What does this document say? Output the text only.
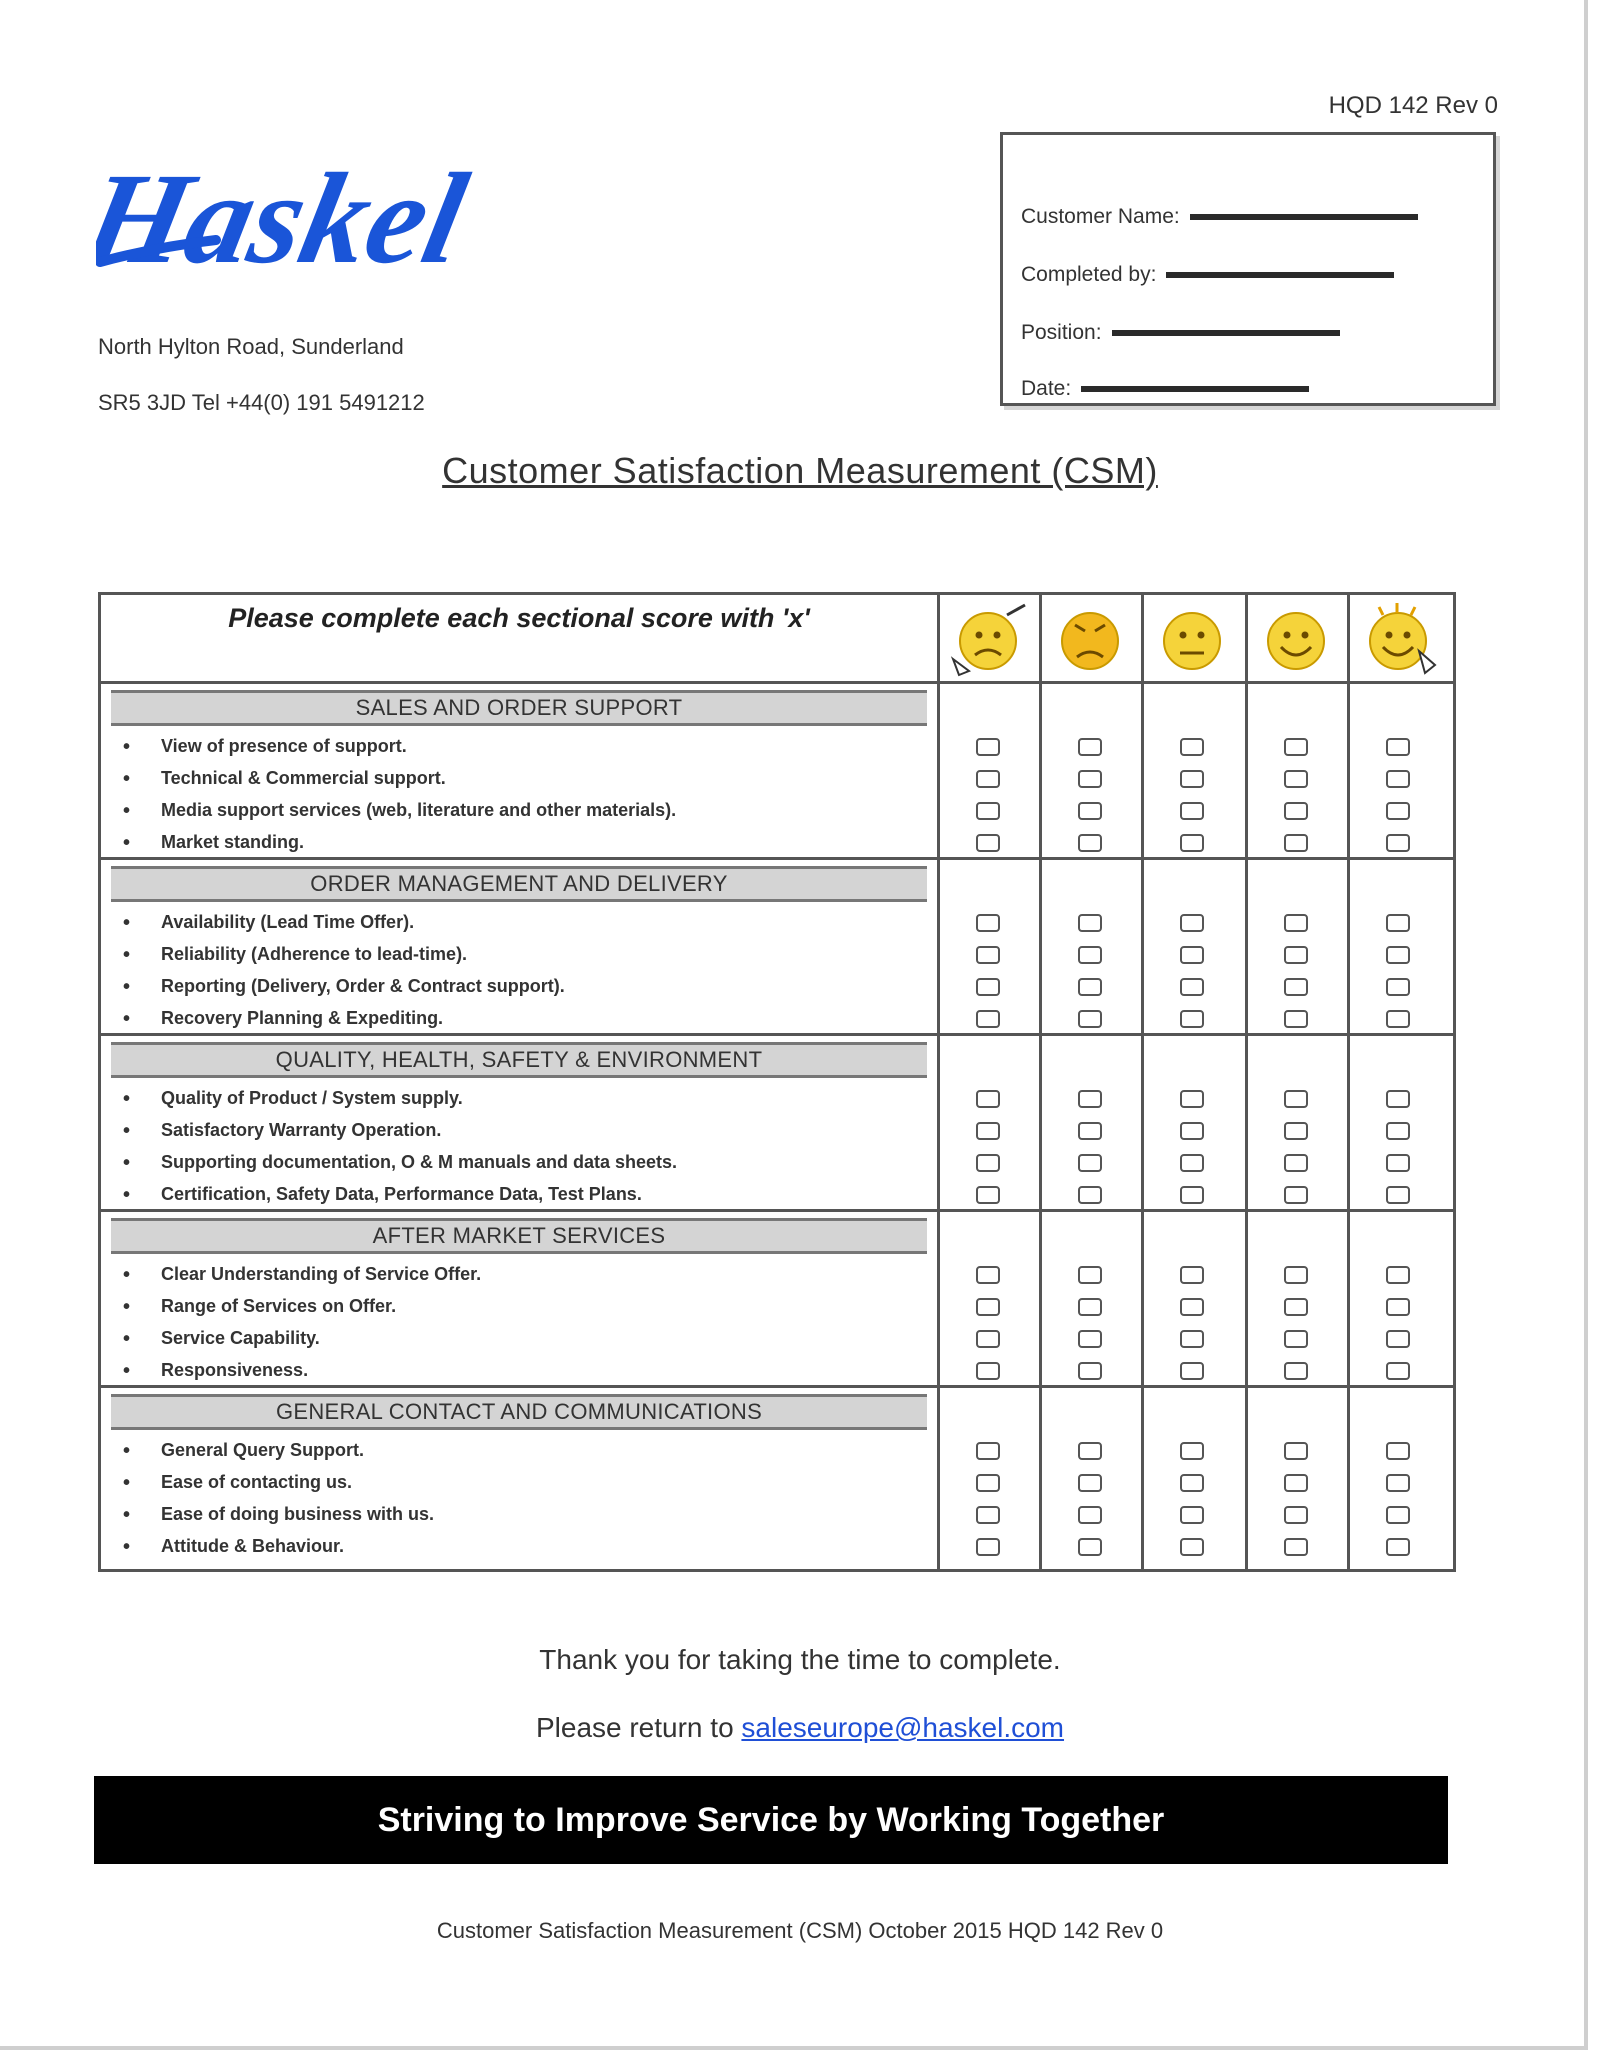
HQD 142 Rev 0
Haskel
North Hylton Road, Sunderland
SR5 3JD Tel +44(0) 191 5491212
Customer Name:
Completed by:
Position:
Date:
Customer Satisfaction Measurement (CSM)
Please complete each sectional score with 'x'
SALES AND ORDER SUPPORT
• View of presence of support.
• Technical & Commercial support.
• Media support services (web, literature and other materials).
• Market standing.
ORDER MANAGEMENT AND DELIVERY
• Availability (Lead Time Offer).
• Reliability (Adherence to lead-time).
• Reporting (Delivery, Order & Contract support).
• Recovery Planning & Expediting.
QUALITY, HEALTH, SAFETY & ENVIRONMENT
• Quality of Product / System supply.
• Satisfactory Warranty Operation.
• Supporting documentation, O & M manuals and data sheets.
• Certification, Safety Data, Performance Data, Test Plans.
AFTER MARKET SERVICES
• Clear Understanding of Service Offer.
• Range of Services on Offer.
• Service Capability.
• Responsiveness.
GENERAL CONTACT AND COMMUNICATIONS
• General Query Support.
• Ease of contacting us.
• Ease of doing business with us.
• Attitude & Behaviour.
Thank you for taking the time to complete.
Please return to saleseurope@haskel.com
Striving to Improve Service by Working Together
Customer Satisfaction Measurement (CSM) October 2015 HQD 142 Rev 0
